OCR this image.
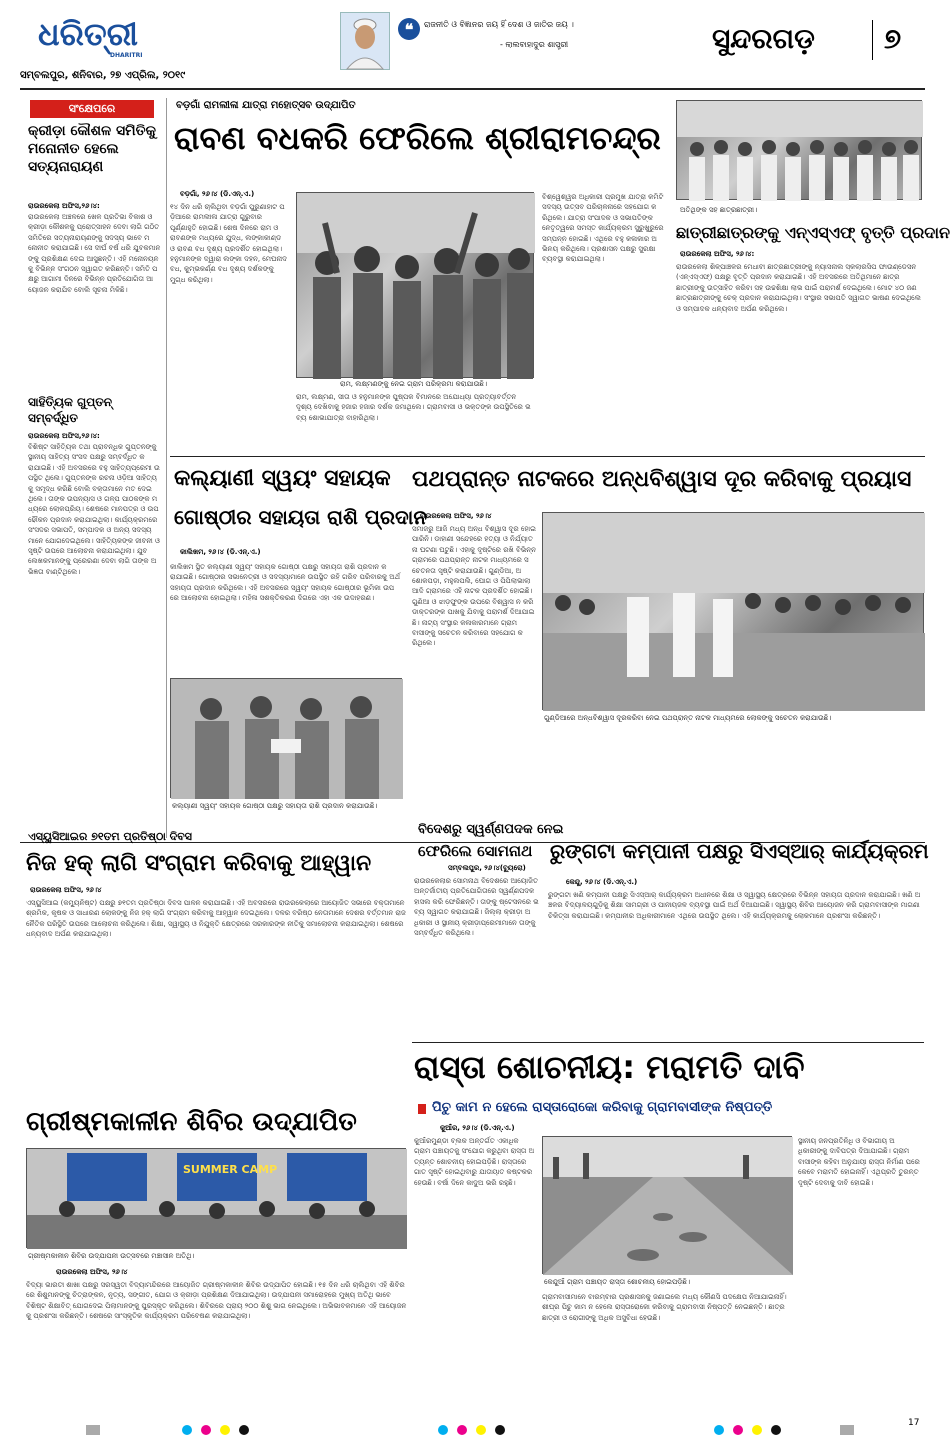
ଧରିତ୍ରୀ
DHARITRI
ସମ୍ବଲପୁର, ଶନିବାର, ୨୭ ଏପ୍ରିଲ, ୨୦୧୯
❝	ରାଜନୀତି ଓ ବିଜ୍ଞାନର ଜୟ ହିଁ ଦେଶ ଓ ଜାତିର ଜୟ ।
- ଲାଲବାହାଦୁର ଶାସ୍ତ୍ରୀ	ସୁନ୍ଦରଗଡ଼ ୭
ସଂକ୍ଷେପରେ
କ୍ରୀଡ଼ା କୌଶଳ ସମିତିକୁ ମନୋନୀତ ହେଲେ ସତ୍ୟନାରାୟଣ
ରାଉରକେଲା ଅଫିସ,୨୬।୪:
ରାଉରକେଲା ଅଞ୍ଚଳରେ ଖେଳ ପ୍ରତିଭା ବିକାଶ ଓ କ୍ରୀଡ଼ା କୌଶଳକୁ ପ୍ରୋତ୍ସାହନ ଦେବା ଲାଗି ଗଠିତ ସମିତିରେ ସତ୍ୟନାରାୟଣଙ୍କୁ ସଦସ୍ୟ ଭାବେ ମନୋନୀତ କରାଯାଇଛି। ସେ ଦୀର୍ଘ ବର୍ଷ ଧରି ଯୁବକମାନଙ୍କୁ ପ୍ରଶିକ୍ଷଣ ଦେଇ ଆସୁଛନ୍ତି। ଏହି ମନୋନୟନକୁ ବିଭିନ୍ନ ସଂଗଠନ ସ୍ୱାଗତ କରିଛନ୍ତି। ସମିତି ପକ୍ଷରୁ ଆଗାମୀ ଦିନରେ ବିଭିନ୍ନ ପ୍ରତିଯୋଗିତା ଆୟୋଜନ କରାଯିବ ବୋଲି ସୂଚନା ମିଳିଛି।
ସାହିତ୍ୟିକ ଗୁପ୍ତନ୍ ସମ୍ବର୍ଦ୍ଧିତ
ରାଉରକେଲା ଅଫିସ,୨୬।୪:
ବିଶିଷ୍ଟ ସାହିତ୍ୟିକ ତଥା ପ୍ରାବନ୍ଧିକ ଗୁପ୍ତନଙ୍କୁ ସ୍ଥାନୀୟ ସାହିତ୍ୟ ସଂସଦ ପକ୍ଷରୁ ସମ୍ବର୍ଦ୍ଧିତ କରାଯାଇଛି। ଏହି ଅବସରରେ ବହୁ ସାହିତ୍ୟପ୍ରେମୀ ଉପସ୍ଥିତ ଥିଲେ। ଗୁପ୍ତନଙ୍କ ରଚନା ଓଡ଼ିଆ ସାହିତ୍ୟକୁ ସମୃଦ୍ଧ କରିଛି ବୋଲି ବକ୍ତାମାନେ ମତ ଦେଇଥିଲେ। ତାଙ୍କ ଉପନ୍ୟାସ ଓ ଗଳ୍ପ ପାଠକଙ୍କ ମଧ୍ୟରେ ଲୋକପ୍ରିୟ। ଶେଷରେ ମାନପତ୍ର ଓ ଉପଢୌକନ ପ୍ରଦାନ କରାଯାଇଥିଲା। କାର୍ଯ୍ୟକ୍ରମରେ ସଂସଦର ସଭାପତି, ସମ୍ପାଦକ ଓ ଅନ୍ୟ ସଦସ୍ୟମାନେ ଯୋଗଦେଇଥିଲେ। ସାହିତ୍ୟିକଙ୍କ ଜୀବନୀ ଓ ସୃଷ୍ଟି ଉପରେ ଆଲୋଚନା କରାଯାଇଥିଲା। ଯୁବ ଲେଖକମାନଙ୍କୁ ପ୍ରେରଣା ଦେବା ଲାଗି ତାଙ୍କ ଅଭିଜ୍ଞତା ବାଣ୍ଟିଥିଲେ।
ବଡ଼ଗାଁ ରାମଲୀଳା ଯାତ୍ରା ମହୋତ୍ସବ ଉଦ୍‌ଯାପିତ
ରାବଣ ବଧକରି ଫେରିଲେ ଶ୍ରୀରାମଚନ୍ଦ୍ର
ବଡ଼ଗାଁ, ୨୬।୪ (ଡି.ଏନ୍.ଏ.)
୧୪ ଦିନ ଧରି ଚାଲିଥିବା ବଡ଼ଗାଁ ପୁରୁଣାହାଟ ପଡ଼ିଆରେ ରାମଲୀଳା ଯାତ୍ରା ଗୁରୁବାର ପୂର୍ଣ୍ଣାହୁତି ହୋଇଛି। ଶେଷ ଦିନରେ ରାମ ଓ ରାବଣଙ୍କ ମଧ୍ୟରେ ଯୁଦ୍ଧ, ଲଙ୍କାକାଣ୍ଡ ଓ ରାବଣ ବଧ ଦୃଶ୍ୟ ପ୍ରଦର୍ଶିତ ହୋଇଥିଲା। ହନୁମାନଙ୍କ ଦ୍ୱାରା ଲଙ୍କା ଦହନ, ମେଘନାଦ ବଧ, କୁମ୍ଭକର୍ଣ୍ଣ ବଧ ଦୃଶ୍ୟ ଦର୍ଶକଙ୍କୁ ମୁଗ୍ଧ କରିଥିଲା।
ରାମ, ଲକ୍ଷ୍ମଣଙ୍କୁ ନେଇ ଗ୍ରାମ ପରିକ୍ରମା କରାଯାଉଛି।
ରାମ, ଲକ୍ଷ୍ମଣ, ସୀତା ଓ ହନୁମାନଙ୍କ ପୁଷ୍ପକ ବିମାନରେ ଅଯୋଧ୍ୟା ପ୍ରତ୍ୟାବର୍ତ୍ତନ ଦୃଶ୍ୟ ଦେଖିବାକୁ ହଜାର ହଜାର ଦର୍ଶକ ଜମାଥିଲେ। ଗ୍ରାମବାସୀ ଓ ଭକ୍ତଙ୍କ ଉପସ୍ଥିତିରେ ଭବ୍ୟ ଶୋଭାଯାତ୍ରା ବାହାରିଥିଲା।
ବିଶ୍ୱେଶ୍ୱର ଅଧିକାରୀ ପ୍ରମୁଖ ଯାତ୍ରା କମିଟି ସଦସ୍ୟ ଉତ୍ସବ ପରିଚାଳନାରେ ସହଯୋଗ କରିଥିଲେ। ଯାତ୍ରା ସଂପାଦକ ଓ ସଭାପତିଙ୍କ ନେତୃତ୍ୱରେ ସମସ୍ତ କାର୍ଯ୍ୟକ୍ରମ ସୁରୁଖୁରୁରେ ସମ୍ପନ୍ନ ହୋଇଛି। ଏଥିରେ ବହୁ କଳାକାର ଅଭିନୟ କରିଥିଲେ। ପ୍ରଶାସନ ପକ୍ଷରୁ ସୁରକ୍ଷା ବ୍ୟବସ୍ଥା କରାଯାଇଥିଲା।
ଅତିଥିଙ୍କ ସହ ଛାତ୍ରଛାତ୍ରୀ।
ଛାତ୍ରୀଛାତ୍ରଙ୍କୁ ଏନ୍‌ଏସ୍‌ଏଫ୍ ବୃତ୍ତି ପ୍ରଦାନ
ରାଉରକେଲା ଅଫିସ, ୨୬।୪:
ରାଉରକେଲା ଶିଳ୍ପାଞ୍ଚଳର ମେଧାବୀ ଛାତ୍ରଛାତ୍ରୀଙ୍କୁ ନ୍ୟାସନାଲ ସ୍କଲାରସିପ ଫାଉଣ୍ଡେସନ (ଏନ୍‌ଏସ୍‌ଏଫ୍) ପକ୍ଷରୁ ବୃତ୍ତି ପ୍ରଦାନ କରାଯାଇଛି। ଏହି ଅବସରରେ ଅତିଥିମାନେ ଛାତ୍ରଛାତ୍ରୀଙ୍କୁ ଉତ୍ସାହିତ କରିବା ସହ ଉଚ୍ଚଶିକ୍ଷା ଲାଭ ପାଇଁ ପରାମର୍ଶ ଦେଇଥିଲେ। ମୋଟ ୪୦ ଜଣ ଛାତ୍ରଛାତ୍ରୀଙ୍କୁ ଚେକ୍ ପ୍ରଦାନ କରାଯାଇଥିଲା। ସଂସ୍ଥାର ସଭାପତି ସ୍ୱାଗତ ଭାଷଣ ଦେଇଥିଲେ ଓ ସମ୍ପାଦକ ଧନ୍ୟବାଦ ଅର୍ପଣ କରିଥିଲେ।
କଲ୍ୟାଣୀ ସ୍ୱୟଂ ସହାୟକ
ଗୋଷ୍ଠୀର ସହାୟତା ରାଶି ପ୍ରଦାନ
କାଲିଖମ, ୨୬।୪ (ଡି.ଏନ୍.ଏ.)
କାଲିଖମ ସ୍ଥିତ କଲ୍ୟାଣୀ ସ୍ୱୟଂ ସହାୟକ ଗୋଷ୍ଠୀ ପକ୍ଷରୁ ସହାୟତା ରାଶି ପ୍ରଦାନ କରାଯାଇଛି। ଗୋଷ୍ଠୀର ସଭାନେତ୍ରୀ ଓ ସଦସ୍ୟାମାନେ ଉପସ୍ଥିତ ରହି ଗରିବ ପରିବାରକୁ ଅର୍ଥ ସହାୟତା ପ୍ରଦାନ କରିଥିଲେ। ଏହି ଅବସରରେ ସ୍ୱୟଂ ସହାୟକ ଗୋଷ୍ଠୀର ଭୂମିକା ଉପରେ ଆଲୋଚନା ହୋଇଥିଲା। ମହିଳା ସଶକ୍ତିକରଣ ଦିଗରେ ଏହା ଏକ ଉଦାହରଣ।
କଲ୍ୟାଣୀ ସ୍ୱୟଂ ସହାୟକ ଗୋଷ୍ଠୀ ପକ୍ଷରୁ ସହାୟତା ରାଶି ପ୍ରଦାନ କରାଯାଉଛି।
ପଥପ୍ରାନ୍ତ ନାଟକରେ ଅନ୍ଧବିଶ୍ୱାସ ଦୂର କରିବାକୁ ପ୍ରୟାସ
ରାଉରକେଲା ଅଫିସ, ୨୬।୪
ସମାଜରୁ ଆଜି ମଧ୍ୟ ଅନ୍ଧ ବିଶ୍ୱାସ ଦୂର ହୋଇପାରିନି। ଡାହାଣୀ ସନ୍ଦେହରେ ହତ୍ୟା ଓ ନିର୍ଯ୍ୟାତନା ଘଟଣା ଘଟୁଛି। ଏହାକୁ ଦୃଷ୍ଟିରେ ରଖି ବିଭିନ୍ନ ଗ୍ରାମରେ ପଥପ୍ରାନ୍ତ ନାଟକ ମାଧ୍ୟମରେ ସଚେତନତା ସୃଷ୍ଟି କରାଯାଉଛି। ଗୁଣ୍ଡିଆ, ଅଶୋକପଡ଼ା, ମହୁଲପଲି, ଘୋଗ ଓ ପିପିଲାଭାଲା ଆଦି ଗ୍ରାମରେ ଏହି ନାଟକ ପ୍ରଦର୍ଶିତ ହୋଇଛି। ଗୁଣିଆ ଓ ଝାଡ଼ଫୁଙ୍କ ଉପରେ ବିଶ୍ୱାସ ନ କରି ଡାକ୍ତରଙ୍କ ପାଖକୁ ଯିବାକୁ ପରାମର୍ଶ ଦିଆଯାଇଛି। ନାଟ୍ୟ ସଂସ୍ଥାର କଳାକାରମାନେ ଗ୍ରାମବାସୀଙ୍କୁ ସଚେତନ କରିବାରେ ସହଯୋଗ କରିଥିଲେ।
ଗୁଣ୍ଡିଆରେ ଅନ୍ଧବିଶ୍ୱାସ ଦୂରକରିବା ନେଇ ପଥପ୍ରାନ୍ତ ନାଟକ ମାଧ୍ୟମରେ ଲୋକଙ୍କୁ ସଚେତନ କରାଯାଉଛି।
ଏସ୍‌ୟୁସିଆଇର ୭୧ତମ ପ୍ରତିଷ୍ଠା ଦିବସ
ନିଜ ହକ୍ ଲାଗି ସଂଗ୍ରାମ କରିବାକୁ ଆହ୍ୱାନ
ରାଉରକେଲା ଅଫିସ, ୨୬।୪
ଏସ୍‌ୟୁସିଆଇ (କମ୍ୟୁନିଷ୍ଟ) ପକ୍ଷରୁ ୭୧ତମ ପ୍ରତିଷ୍ଠା ଦିବସ ପାଳନ କରାଯାଇଛି। ଏହି ଅବସରରେ ରାଉରକେଲାରେ ଆୟୋଜିତ ସଭାରେ ବକ୍ତାମାନେ ଶ୍ରମିକ, କୃଷକ ଓ ସାଧାରଣ ଲୋକଙ୍କୁ ନିଜ ହକ୍ ଲାଗି ସଂଗ୍ରାମ କରିବାକୁ ଆହ୍ୱାନ ଦେଇଥିଲେ। ଦଳର ବରିଷ୍ଠ ନେତାମାନେ ଦେଶର ବର୍ତ୍ତମାନ ରାଜନୈତିକ ପରିସ୍ଥିତି ଉପରେ ଆଲୋଚନା କରିଥିଲେ। ଶିକ୍ଷା, ସ୍ୱାସ୍ଥ୍ୟ ଓ ନିଯୁକ୍ତି କ୍ଷେତ୍ରରେ ସରକାରଙ୍କ ନୀତିକୁ ସମାଲୋଚନା କରାଯାଇଥିଲା। ଶେଷରେ ଧନ୍ୟବାଦ ଅର୍ପଣ କରାଯାଇଥିଲା।
ବିଦେଶରୁ ସ୍ୱର୍ଣ୍ଣପଦକ ନେଇ
ଫେରିଲେ ସୋମନାଥ
ସମ୍ବଲପୁର, ୨୬।୪(ବ୍ୟୁରୋ)
ରାଉରକେଲାର ସୋମନାଥ ବିଦେଶରେ ଆୟୋଜିତ ଅନ୍ତର୍ଜାତୀୟ ପ୍ରତିଯୋଗିତାରେ ସ୍ୱର୍ଣ୍ଣପଦକ ହାସଲ କରି ଫେରିଛନ୍ତି। ତାଙ୍କୁ ଷ୍ଟେସନରେ ଭବ୍ୟ ସ୍ୱାଗତ କରାଯାଇଛି। ଜିଲ୍ଲା କ୍ରୀଡ଼ା ଅଧିକାରୀ ଓ ସ୍ଥାନୀୟ କ୍ରୀଡ଼ାପ୍ରେମୀମାନେ ତାଙ୍କୁ ସମ୍ବର୍ଦ୍ଧିତ କରିଥିଲେ।
ରୁଙ୍ଗଟା କମ୍ପାନୀ ପକ୍ଷରୁ ସିଏସ୍‌ଆର୍ କାର୍ଯ୍ୟକ୍ରମ
କେନ୍ଦୁ, ୨୬।୪ (ଡି.ଏନ୍.ଏ.)
ରୁଙ୍ଗଟା ଖଣି କମ୍ପାନୀ ପକ୍ଷରୁ ସିଏସ୍‌ଆର୍ କାର୍ଯ୍ୟକ୍ରମ ଅଧୀନରେ ଶିକ୍ଷା ଓ ସ୍ୱାସ୍ଥ୍ୟ କ୍ଷେତ୍ରରେ ବିଭିନ୍ନ ସହାୟତା ପ୍ରଦାନ କରାଯାଇଛି। ଖଣି ଅଞ୍ଚଳର ବିଦ୍ୟାଳୟଗୁଡ଼ିକୁ ଶିକ୍ଷା ସାମଗ୍ରୀ ଓ ପାନୀୟଜଳ ବ୍ୟବସ୍ଥା ପାଇଁ ଅର୍ଥ ଦିଆଯାଇଛି। ସ୍ୱାସ୍ଥ୍ୟ ଶିବିର ଆୟୋଜନ କରି ଗ୍ରାମବାସୀଙ୍କ ମାଗଣା ଚିକିତ୍ସା କରାଯାଇଛି। କମ୍ପାନୀର ଅଧିକାରୀମାନେ ଏଥିରେ ଉପସ୍ଥିତ ଥିଲେ। ଏହି କାର୍ଯ୍ୟକ୍ରମକୁ ଲୋକମାନେ ପ୍ରଶଂସା କରିଛନ୍ତି।
ରାସ୍ତା ଶୋଚନୀୟ: ମରାମତି ଦାବି
ପିଚୁ କାମ ନ ହେଲେ ରାସ୍ତାରୋକୋ କରିବାକୁ ଗ୍ରାମବାସୀଙ୍କ ନିଷ୍ପତ୍ତି
କୁଆଁର, ୨୬।୪ (ଡି.ଏନ୍.ଏ.)
କୁଆଁରମୁଣ୍ଡା ବ୍ଲକ ଅନ୍ତର୍ଗତ ଏକାଧିକ ଗ୍ରାମ ପଞ୍ଚାୟତକୁ ସଂଯୋଗ କରୁଥିବା ରାସ୍ତା ଅତ୍ୟନ୍ତ ଶୋଚନୀୟ ହୋଇପଡ଼ିଛି। ରାସ୍ତାରେ ଗାତ ସୃଷ୍ଟି ହୋଇଥିବାରୁ ଯାତାୟାତ କଷ୍ଟକର ହେଉଛି। ବର୍ଷା ଦିନେ କାଦୁଅ ଭରି ରହୁଛି।
କେନ୍ଦୁଆଁ ଗ୍ରାମ ପଞ୍ଚାୟତ ରାସ୍ତା ଶୋଚନୀୟ ହୋଇପଡ଼ିଛି।
ଗ୍ରାମବାସୀମାନେ ବାରମ୍ବାର ପ୍ରଶାସନକୁ ଜଣାଇଲେ ମଧ୍ୟ କୌଣସି ପଦକ୍ଷେପ ନିଆଯାଇନାହିଁ। ଶୀଘ୍ର ପିଚୁ କାମ ନ ହେଲେ ରାସ୍ତାରୋକୋ କରିବାକୁ ଗ୍ରାମବାସୀ ନିଷ୍ପତ୍ତି ନେଇଛନ୍ତି। ଛାତ୍ରଛାତ୍ରୀ ଓ ରୋଗୀଙ୍କୁ ଅଧିକ ଅସୁବିଧା ହେଉଛି।
ସ୍ଥାନୀୟ ଜନପ୍ରତିନିଧି ଓ ବିଭାଗୀୟ ଅଧିକାରୀଙ୍କୁ ଦାବିପତ୍ର ଦିଆଯାଇଛି। ଗ୍ରାମବାସୀଙ୍କ କହିବା ଅନୁଯାୟୀ ରାସ୍ତା ନିର୍ମାଣ ପରେ କେବେ ମରାମତି ହୋଇନାହିଁ। ଏଥିପ୍ରତି ତୁରନ୍ତ ଦୃଷ୍ଟି ଦେବାକୁ ଦାବି ହୋଇଛି।
ଗ୍ରୀଷ୍ମକାଳୀନ ଶିବିର ଉଦ୍‌ଯାପିତ
SUMMER CAMP
ଗ୍ରୀଷ୍ମକାଳୀନ ଶିବିର ଉଦ୍‌ଯାପନୀ ଉତ୍ସବରେ ମଞ୍ଚାସୀନ ଅତିଥି।
ରାଉରକେଲା ଅଫିସ, ୨୬।୪
ବିଦ୍ୟା ଭାରତୀ ଶାଖା ପକ୍ଷରୁ ସରସ୍ୱତୀ ବିଦ୍ୟାମନ୍ଦିରରେ ଆୟୋଜିତ ଗ୍ରୀଷ୍ମକାଳୀନ ଶିବିର ଉଦ୍‌ଯାପିତ ହୋଇଛି। ୧୫ ଦିନ ଧରି ଚାଲିଥିବା ଏହି ଶିବିରରେ ଶିଶୁମାନଙ୍କୁ ଚିତ୍ରାଙ୍କନ, ନୃତ୍ୟ, ସଙ୍ଗୀତ, ଯୋଗ ଓ କ୍ରୀଡ଼ା ପ୍ରଶିକ୍ଷଣ ଦିଆଯାଇଥିଲା। ଉଦ୍‌ଯାପନୀ ସମାରୋହରେ ମୁଖ୍ୟ ଅତିଥି ଭାବେ ବିଶିଷ୍ଟ ଶିକ୍ଷାବିତ୍ ଯୋଗଦେଇ ପିଲାମାନଙ୍କୁ ପୁରସ୍କୃତ କରିଥିଲେ। ଶିବିରରେ ପ୍ରାୟ ୨୦୦ ଶିଶୁ ଭାଗ ନେଇଥିଲେ। ଅଭିଭାବକମାନେ ଏହି ଆୟୋଜନକୁ ପ୍ରଶଂସା କରିଛନ୍ତି। ଶେଷରେ ସାଂସ୍କୃତିକ କାର୍ଯ୍ୟକ୍ରମ ପରିବେଷଣ କରାଯାଇଥିଲା।

17
